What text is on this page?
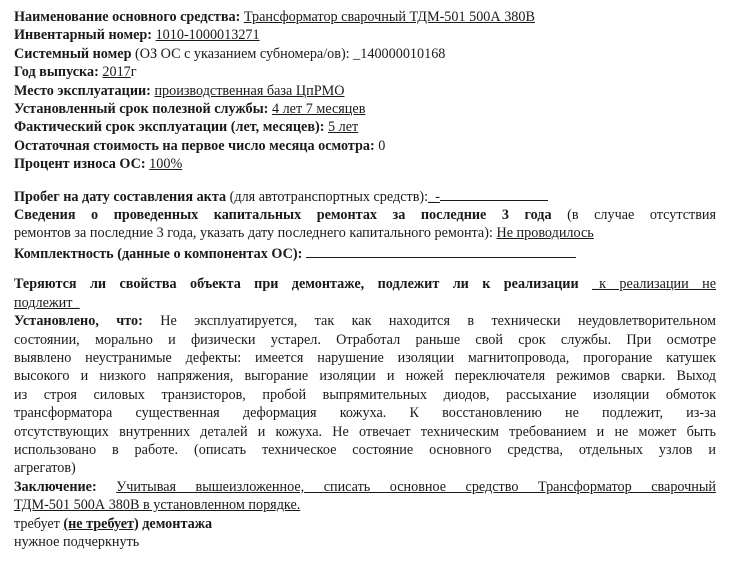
Наименование основного средства: Трансформатор сварочный ТДМ-501 500А 380В
Инвентарный номер: 1010-1000013271
Системный номер (ОЗ ОС с указанием субномера/ов): _140000010168
Год выпуска: 2017г
Место эксплуатации: производственная база ЦпРМО
Установленный срок полезной службы: 4 лет 7 месяцев
Фактический срок эксплуатации (лет, месяцев): 5 лет
Остаточная стоимость на первое число месяца осмотра: 0
Процент износа ОС: 100%
Пробег на дату составления акта (для автотранспортных средств):_-
Сведения о проведенных капитальных ремонтах за последние 3 года (в случае отсутствия
ремонтов за последние 3 года, указать дату последнего капитального ремонта): Не проводилось
Комплектность (данные о компонентах ОС):
Теряются ли свойства объекта при демонтаже, подлежит ли к реализации _к реализации не
подлежит_
Установлено, что: Не эксплуатируется, так как находится в технически неудовлетворительном
состоянии, морально и физически устарел. Отработал раньше свой срок службы. При осмотре
выявлено неустранимые дефекты: имеется нарушение изоляции магнитопровода, прогорание катушек
высокого и низкого напряжения, выгорание изоляции и ножей переключателя режимов сварки. Выход
из строя силовых транзисторов, пробой выпрямительных диодов, рассыхание изоляции обмоток
трансформатора существенная деформация кожуха. К восстановлению не подлежит, из-за
отсутствующих внутренних деталей и кожуха. Не отвечает техническим требованием и не может быть
использовано в работе. (описать техническое состояние основного средства, отдельных узлов и
агрегатов)
Заключение: Учитывая вышеизложенное, списать основное средство Трансформатор сварочный
ТДМ-501 500А 380В в установленном порядке.
требует (не требует) демонтажа
нужное подчеркнуть
